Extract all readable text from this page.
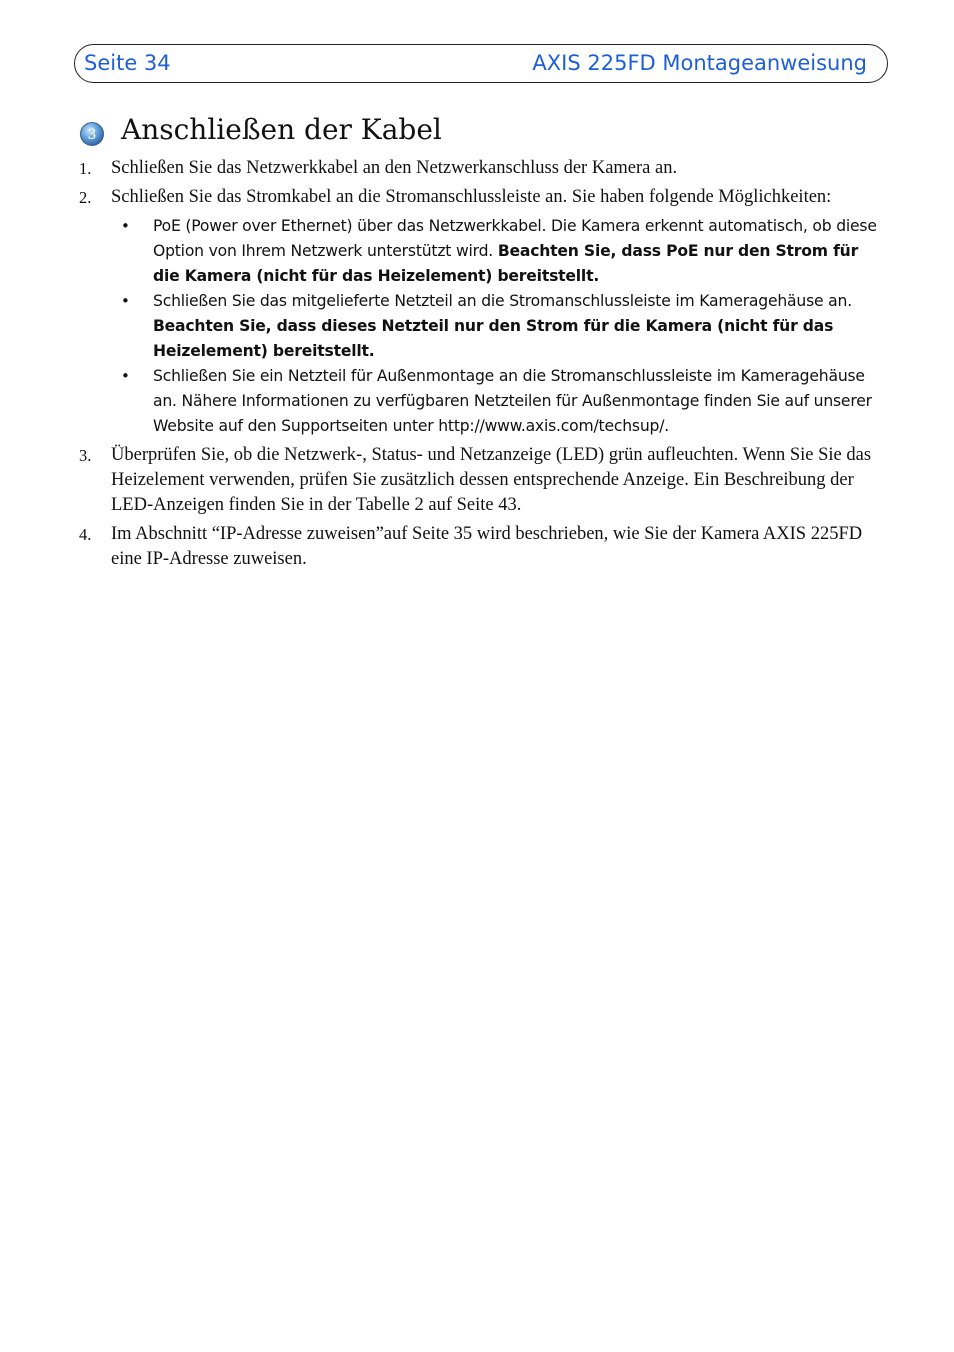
Seite 34	AXIS 225FD Montageanweisung
3 Anschließen der Kabel
1. Schließen Sie das Netzwerkkabel an den Netzwerkanschluss der Kamera an.
2. Schließen Sie das Stromkabel an die Stromanschlussleiste an. Sie haben folgende Möglichkeiten:
• PoE (Power over Ethernet) über das Netzwerkkabel. Die Kamera erkennt automatisch, ob diese Option von Ihrem Netzwerk unterstützt wird. Beachten Sie, dass PoE nur den Strom für die Kamera (nicht für das Heizelement) bereitstellt.
• Schließen Sie das mitgelieferte Netzteil an die Stromanschlussleiste im Kameragehäuse an. Beachten Sie, dass dieses Netzteil nur den Strom für die Kamera (nicht für das Heizelement) bereitstellt.
• Schließen Sie ein Netzteil für Außenmontage an die Stromanschlussleiste im Kameragehäuse an. Nähere Informationen zu verfügbaren Netzteilen für Außenmontage finden Sie auf unserer Website auf den Supportseiten unter http://www.axis.com/techsup/.
3. Überprüfen Sie, ob die Netzwerk-, Status- und Netzanzeige (LED) grün aufleuchten. Wenn Sie Sie das Heizelement verwenden, prüfen Sie zusätzlich dessen entsprechende Anzeige. Ein Beschreibung der LED-Anzeigen finden Sie in der Tabelle 2 auf Seite 43.
4. Im Abschnitt “IP-Adresse zuweisen”auf Seite 35 wird beschrieben, wie Sie der Kamera AXIS 225FD eine IP-Adresse zuweisen.
